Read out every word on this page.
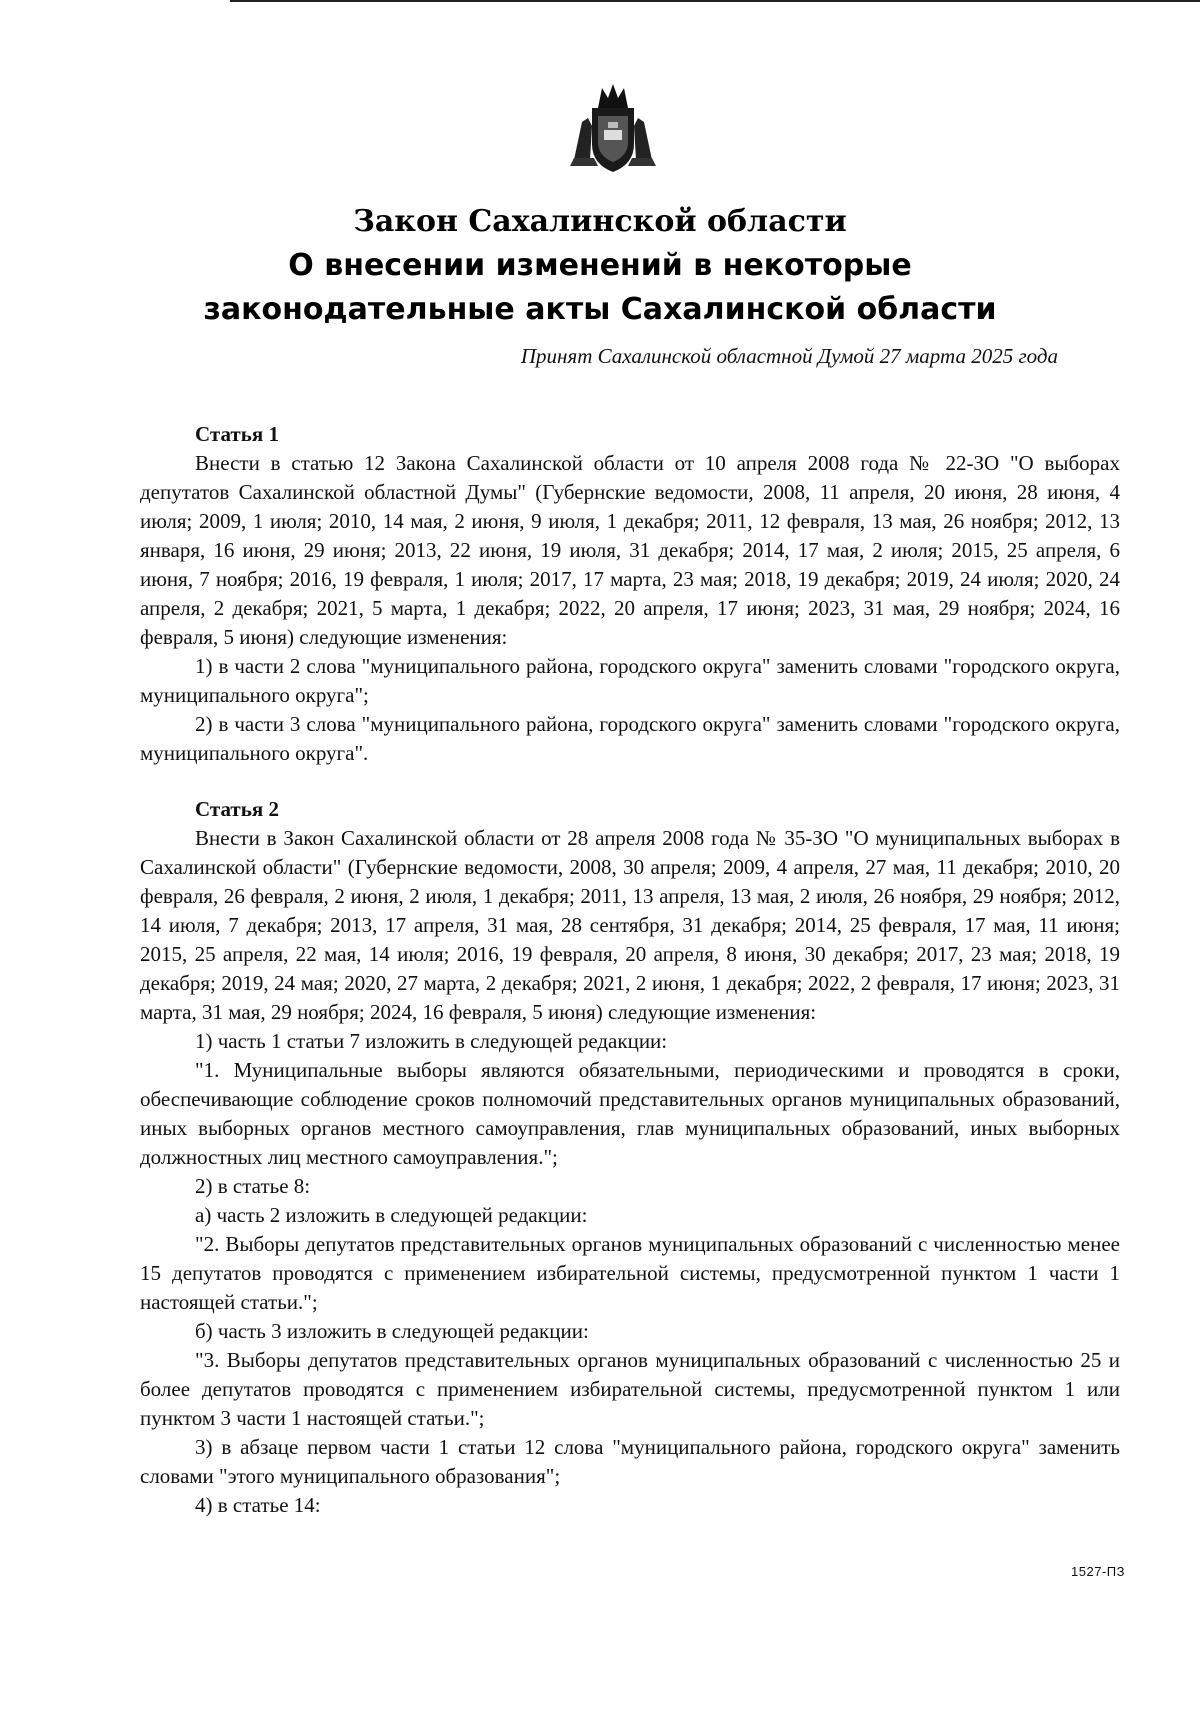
Закон Сахалинской области
О внесении изменений в некоторые
законодательные акты Сахалинской области
Принят Сахалинской областной Думой 27 марта 2025 года
Статья 1

Внести в статью 12 Закона Сахалинской области от 10 апреля 2008 года № 22-ЗО "О выборах депутатов Сахалинской областной Думы" (Губернские ведомости, 2008, 11 апреля, 20 июня, 28 июня, 4 июля; 2009, 1 июля; 2010, 14 мая, 2 июня, 9 июля, 1 декабря; 2011, 12 февраля, 13 мая, 26 ноября; 2012, 13 января, 16 июня, 29 июня; 2013, 22 июня, 19 июля, 31 декабря; 2014, 17 мая, 2 июля; 2015, 25 апреля, 6 июня, 7 ноября; 2016, 19 февраля, 1 июля; 2017, 17 марта, 23 мая; 2018, 19 декабря; 2019, 24 июля; 2020, 24 апреля, 2 декабря; 2021, 5 марта, 1 декабря; 2022, 20 апреля, 17 июня; 2023, 31 мая, 29 ноября; 2024, 16 февраля, 5 июня) следующие изменения:

1) в части 2 слова "муниципального района, городского округа" заменить словами "городского округа, муниципального округа";

2) в части 3 слова "муниципального района, городского округа" заменить словами "городского округа, муниципального округа".

Статья 2

Внести в Закон Сахалинской области от 28 апреля 2008 года № 35-ЗО "О муниципальных выборах в Сахалинской области" (Губернские ведомости, 2008, 30 апреля; 2009, 4 апреля, 27 мая, 11 декабря; 2010, 20 февраля, 26 февраля, 2 июня, 2 июля, 1 декабря; 2011, 13 апреля, 13 мая, 2 июля, 26 ноября, 29 ноября; 2012, 14 июля, 7 декабря; 2013, 17 апреля, 31 мая, 28 сентября, 31 декабря; 2014, 25 февраля, 17 мая, 11 июня; 2015, 25 апреля, 22 мая, 14 июля; 2016, 19 февраля, 20 апреля, 8 июня, 30 декабря; 2017, 23 мая; 2018, 19 декабря; 2019, 24 мая; 2020, 27 марта, 2 декабря; 2021, 2 июня, 1 декабря; 2022, 2 февраля, 17 июня; 2023, 31 марта, 31 мая, 29 ноября; 2024, 16 февраля, 5 июня) следующие изменения:

1) часть 1 статьи 7 изложить в следующей редакции:

"1. Муниципальные выборы являются обязательными, периодическими и проводятся в сроки, обеспечивающие соблюдение сроков полномочий представительных органов муниципальных образований, иных выборных органов местного самоуправления, глав муниципальных образований, иных выборных должностных лиц местного самоуправления.";

2) в статье 8:

а) часть 2 изложить в следующей редакции:

"2. Выборы депутатов представительных органов муниципальных образований с численностью менее 15 депутатов проводятся с применением избирательной системы, предусмотренной пунктом 1 части 1 настоящей статьи.";

б) часть 3 изложить в следующей редакции:

"3. Выборы депутатов представительных органов муниципальных образований с численностью 25 и более депутатов проводятся с применением избирательной системы, предусмотренной пунктом 1 или пунктом 3 части 1 настоящей статьи.";

3) в абзаце первом части 1 статьи 12 слова "муниципального района, городского округа" заменить словами "этого муниципального образования";

4) в статье 14:

1527-ПЗ
